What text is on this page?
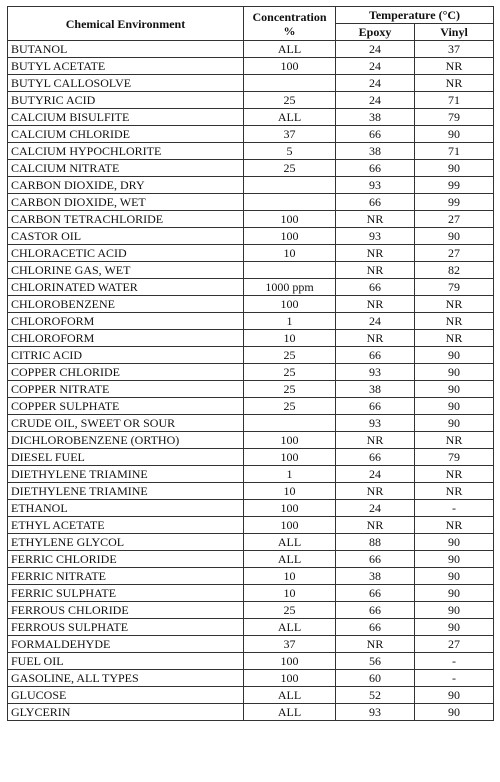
Chemical Environment	Concentration %	Temperature (°C)	
		Epoxy	Vinyl
BUTANOL	ALL	24	37
BUTYL ACETATE	100	24	NR
BUTYL CALLOSOLVE		24	NR
BUTYRIC ACID	25	24	71
CALCIUM BISULFITE	ALL	38	79
CALCIUM CHLORIDE	37	66	90
CALCIUM HYPOCHLORITE	5	38	71
CALCIUM NITRATE	25	66	90
CARBON DIOXIDE, DRY		93	99
CARBON DIOXIDE, WET		66	99
CARBON TETRACHLORIDE	100	NR	27
CASTOR OIL	100	93	90
CHLORACETIC ACID	10	NR	27
CHLORINE GAS, WET		NR	82
CHLORINATED WATER	1000 ppm	66	79
CHLOROBENZENE	100	NR	NR
CHLOROFORM	1	24	NR
CHLOROFORM	10	NR	NR
CITRIC ACID	25	66	90
COPPER CHLORIDE	25	93	90
COPPER NITRATE	25	38	90
COPPER SULPHATE	25	66	90
CRUDE OIL, SWEET OR SOUR		93	90
DICHLOROBENZENE (ORTHO)	100	NR	NR
DIESEL FUEL	100	66	79
DIETHYLENE TRIAMINE	1	24	NR
DIETHYLENE TRIAMINE	10	NR	NR
ETHANOL	100	24	-
ETHYL ACETATE	100	NR	NR
ETHYLENE GLYCOL	ALL	88	90
FERRIC CHLORIDE	ALL	66	90
FERRIC NITRATE	10	38	90
FERRIC SULPHATE	10	66	90
FERROUS CHLORIDE	25	66	90
FERROUS SULPHATE	ALL	66	90
FORMALDEHYDE	37	NR	27
FUEL OIL	100	56	-
GASOLINE, ALL TYPES	100	60	-
GLUCOSE	ALL	52	90
GLYCERIN	ALL	93	90
